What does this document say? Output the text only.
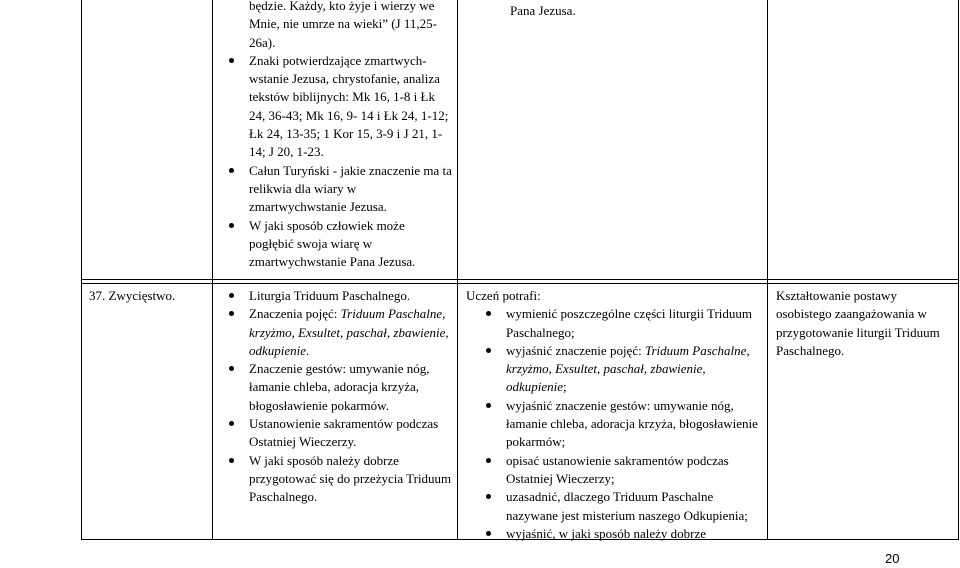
będzie. Każdy, kto żyje i wierzy we
Mnie, nie umrze na wieki” (J 11,25-
26a).
Znaki potwierdzające zmartwych-wstanie Jezusa, chrystofanie, analiza tekstów biblijnych: Mk 16, 1-8 i Łk 24, 36-43; Mk 16, 9- 14 i Łk 24, 1-12; Łk 24, 13-35; 1 Kor 15, 3-9 i J 21, 1-14; J 20, 1-23.
Całun Turyński - jakie znaczenie ma ta relikwia dla wiary w zmartwychwstanie Jezusa.
W jaki sposób człowiek może pogłębić swoja wiarę w zmartwychwstanie Pana Jezusa.
Pana Jezusa.
37. Zwycięstwo.	Liturgia Triduum Paschalnego.
Znaczenia pojęć: Triduum Paschalne, krzyżmo, Exsultet, paschał, zbawienie, odkupienie.
Znaczenie gestów: umywanie nóg, łamanie chleba, adoracja krzyża, błogosławienie pokarmów.
Ustanowienie sakramentów podczas Ostatniej Wieczerzy.
W jaki sposób należy dobrze przygotować się do przeżycia Triduum Paschalnego.
Uczeń potrafi:
wymienić poszczególne części liturgii Triduum Paschalnego;
wyjaśnić znaczenie pojęć: Triduum Paschalne, krzyżmo, Exsultet, paschał, zbawienie, odkupienie;
wyjaśnić znaczenie gestów: umywanie nóg, łamanie chleba, adoracja krzyża, błogosławienie pokarmów;
opisać ustanowienie sakramentów podczas Ostatniej Wieczerzy;
uzasadnić, dlaczego Triduum Paschalne nazywane jest misterium naszego Odkupienia;
wyjaśnić, w jaki sposób należy dobrze
Kształtowanie postawy osobistego zaangażowania w przygotowanie liturgii Triduum Paschalnego.
20
